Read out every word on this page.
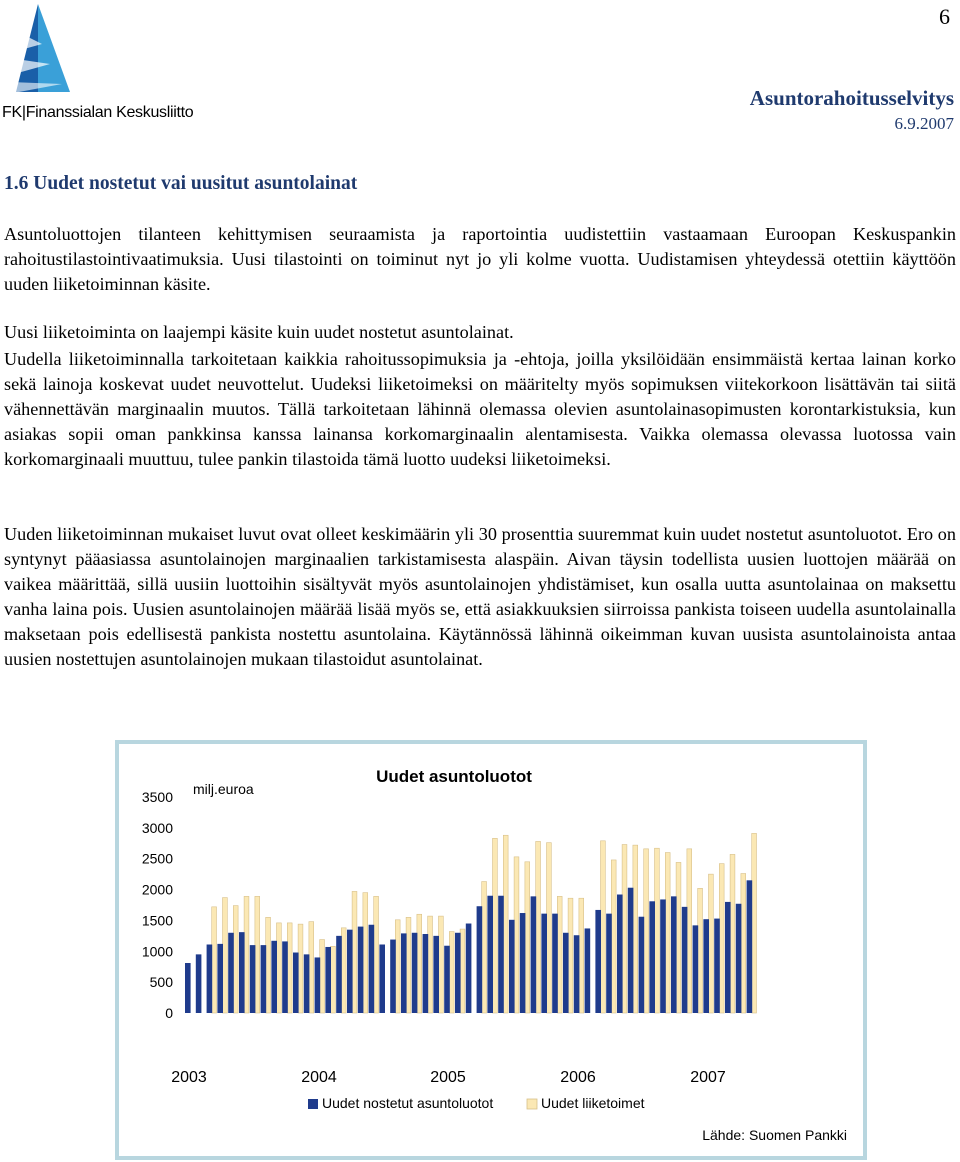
6
FK|Finanssialan Keskusliitto
Asuntorahoitusselvitys
6.9.2007
1.6 Uudet nostetut vai uusitut asuntolainat

Asuntoluottojen tilanteen kehittymisen seuraamista ja raportointia uudistettiin vastaamaan Euroopan Keskuspankin rahoitustilastointivaatimuksia. Uusi tilastointi on toiminut nyt jo yli kolme vuotta. Uudistamisen yhteydessä otettiin käyttöön uuden liiketoiminnan käsite.

Uusi liiketoiminta on laajempi käsite kuin uudet nostetut asuntolainat.

Uudella liiketoiminnalla tarkoitetaan kaikkia rahoitussopimuksia ja -ehtoja, joilla yksilöidään ensimmäistä kertaa lainan korko sekä lainoja koskevat uudet neuvottelut. Uudeksi liiketoimeksi on määritelty myös sopimuksen viitekorkoon lisättävän tai siitä vähennettävän marginaalin muutos. Tällä tarkoitetaan lähinnä olemassa olevien asuntolainasopimusten korontarkistuksia, kun asiakas sopii oman pankkinsa kanssa lainansa korkomarginaalin alentamisesta. Vaikka olemassa olevassa luotossa vain korkomarginaali muuttuu, tulee pankin tilastoida tämä luotto uudeksi liiketoimeksi.

Uuden liiketoiminnan mukaiset luvut ovat olleet keskimäärin yli 30 prosenttia suuremmat kuin uudet nostetut asuntoluotot. Ero on syntynyt pääasiassa asuntolainojen marginaalien tarkistamisesta alaspäin. Aivan täysin todellista uusien luottojen määrää on vaikea määrittää, sillä uusiin luottoihin sisältyvät myös asuntolainojen yhdistämiset, kun osalla uutta asuntolainaa on maksettu vanha laina pois. Uusien asuntolainojen määrää lisää myös se, että asiakkuuksien siirroissa pankista toiseen uudella asuntolainalla maksetaan pois edellisestä pankista nostettu asuntolaina. Käytännössä lähinnä oikeimman kuvan uusista asuntolainoista antaa uusien nostettujen asuntolainojen mukaan tilastoidut asuntolainat.

Uudet asuntoluotot
milj.euroa
0
500
1000
1500
2000
2500
3000
3500
2003	2004	2005	2006	2007
Uudet nostetut asuntoluotot	Uudet liiketoimet
Lähde: Suomen Pankki
